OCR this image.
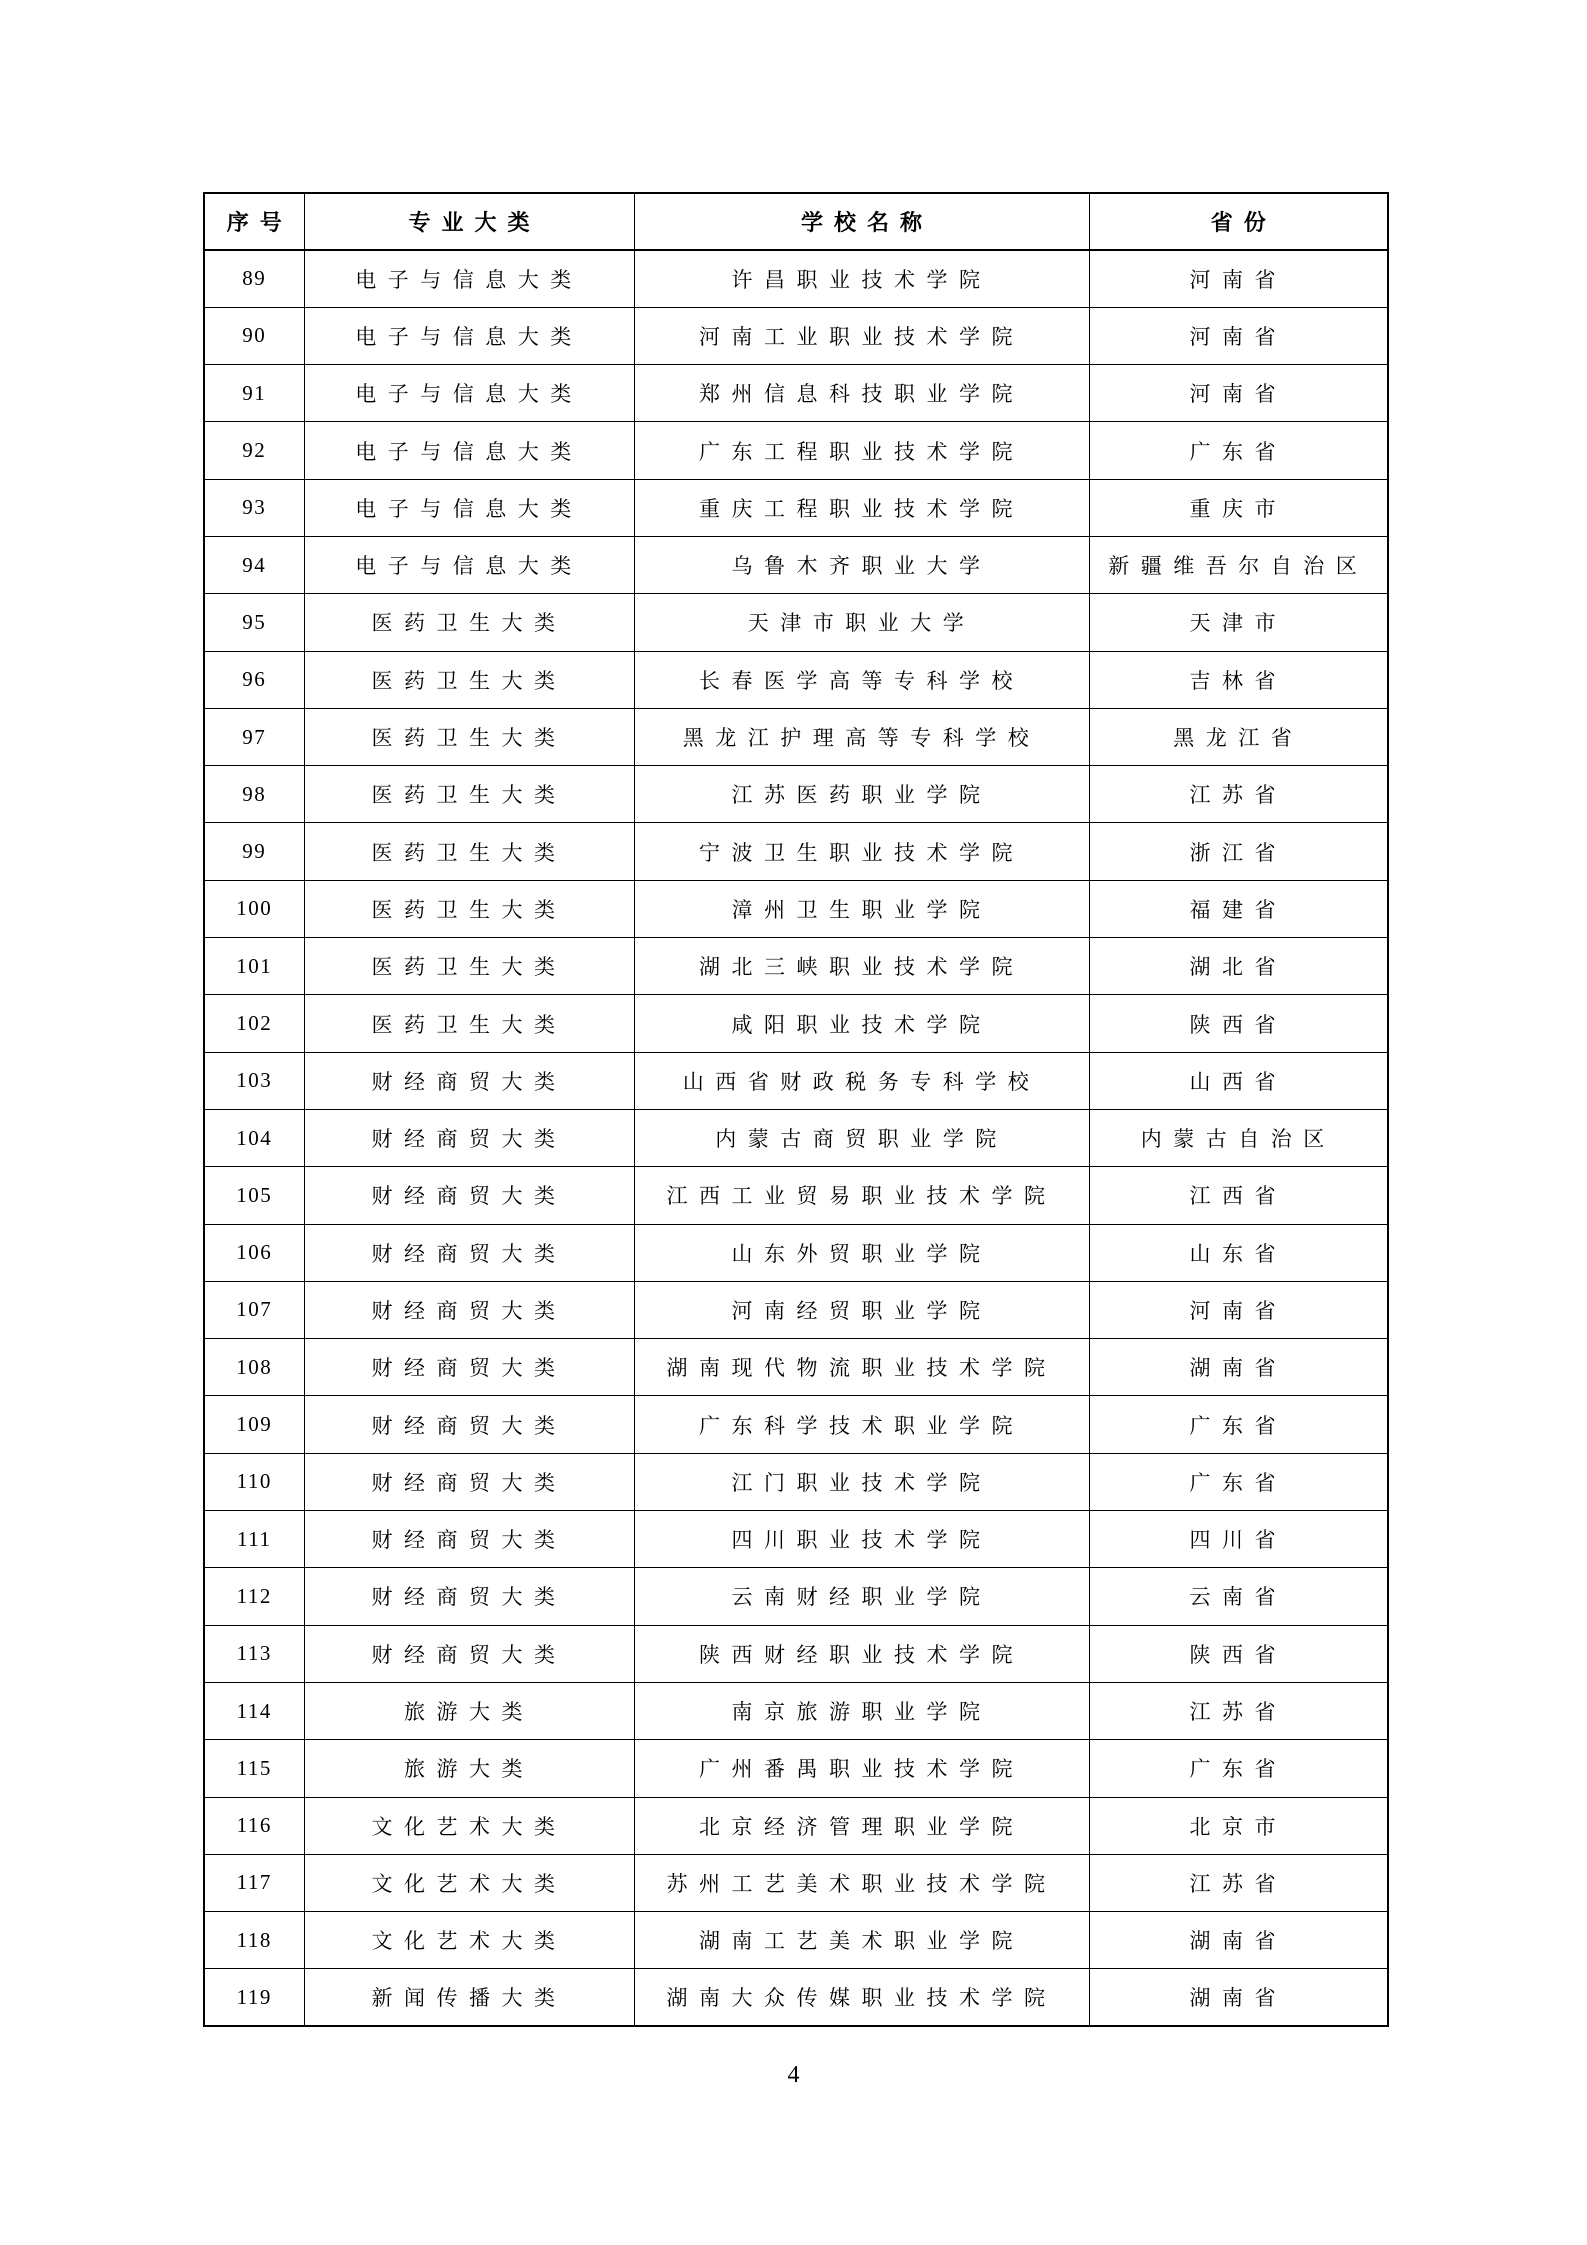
序号	专业大类	学校名称	省份
89	电子与信息大类	许昌职业技术学院	河南省
90	电子与信息大类	河南工业职业技术学院	河南省
91	电子与信息大类	郑州信息科技职业学院	河南省
92	电子与信息大类	广东工程职业技术学院	广东省
93	电子与信息大类	重庆工程职业技术学院	重庆市
94	电子与信息大类	乌鲁木齐职业大学	新疆维吾尔自治区
95	医药卫生大类	天津市职业大学	天津市
96	医药卫生大类	长春医学高等专科学校	吉林省
97	医药卫生大类	黑龙江护理高等专科学校	黑龙江省
98	医药卫生大类	江苏医药职业学院	江苏省
99	医药卫生大类	宁波卫生职业技术学院	浙江省
100	医药卫生大类	漳州卫生职业学院	福建省
101	医药卫生大类	湖北三峡职业技术学院	湖北省
102	医药卫生大类	咸阳职业技术学院	陕西省
103	财经商贸大类	山西省财政税务专科学校	山西省
104	财经商贸大类	内蒙古商贸职业学院	内蒙古自治区
105	财经商贸大类	江西工业贸易职业技术学院	江西省
106	财经商贸大类	山东外贸职业学院	山东省
107	财经商贸大类	河南经贸职业学院	河南省
108	财经商贸大类	湖南现代物流职业技术学院	湖南省
109	财经商贸大类	广东科学技术职业学院	广东省
110	财经商贸大类	江门职业技术学院	广东省
111	财经商贸大类	四川职业技术学院	四川省
112	财经商贸大类	云南财经职业学院	云南省
113	财经商贸大类	陕西财经职业技术学院	陕西省
114	旅游大类	南京旅游职业学院	江苏省
115	旅游大类	广州番禺职业技术学院	广东省
116	文化艺术大类	北京经济管理职业学院	北京市
117	文化艺术大类	苏州工艺美术职业技术学院	江苏省
118	文化艺术大类	湖南工艺美术职业学院	湖南省
119	新闻传播大类	湖南大众传媒职业技术学院	湖南省
4
